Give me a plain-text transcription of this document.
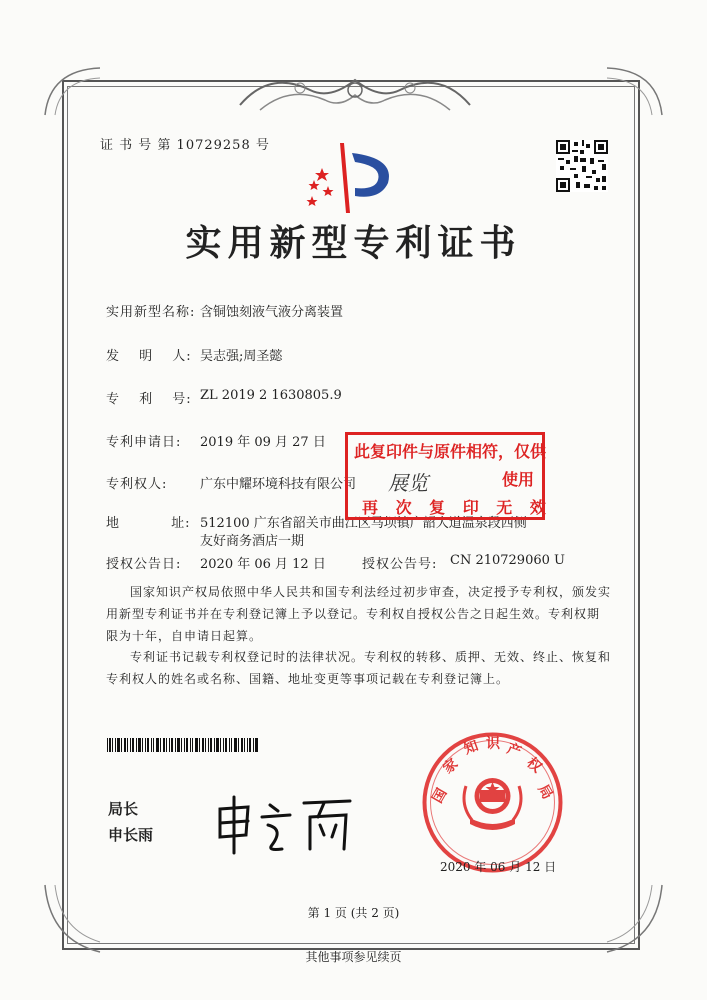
证 书 号 第 10729258 号
实用新型专利证书
实用新型名称: 含铜蚀刻液气液分离装置
发 明 人: 吴志强;周圣懿
专 利 号: ZL 2019 2 1630805.9
专利申请日: 2019 年 09 月 27 日
专利权人:	广东中耀环境科技有限公司
地 址: 512100 广东省韶关市曲江区马坝镇广韶大道温泉段西侧
友好商务酒店一期
授权公告日: 2020 年 06 月 12 日	授权公告号: CN 210729060 U
此复印件与原件相符，仅供
展览	使用
再 次 复 印 无 效
国家知识产权局依照中华人民共和国专利法经过初步审查，决定授予专利权，颁发实用新型专利证书并在专利登记簿上予以登记。专利权自授权公告之日起生效。专利权期限为十年，自申请日起算。
专利证书记载专利权登记时的法律状况。专利权的转移、质押、无效、终止、恢复和专利权人的姓名或名称、国籍、地址变更等事项记载在专利登记簿上。
局长
申长雨
国
家
知 识 产
权
局
2020 年 06 月 12 日
第 1 页 (共 2 页)
其他事项参见续页
